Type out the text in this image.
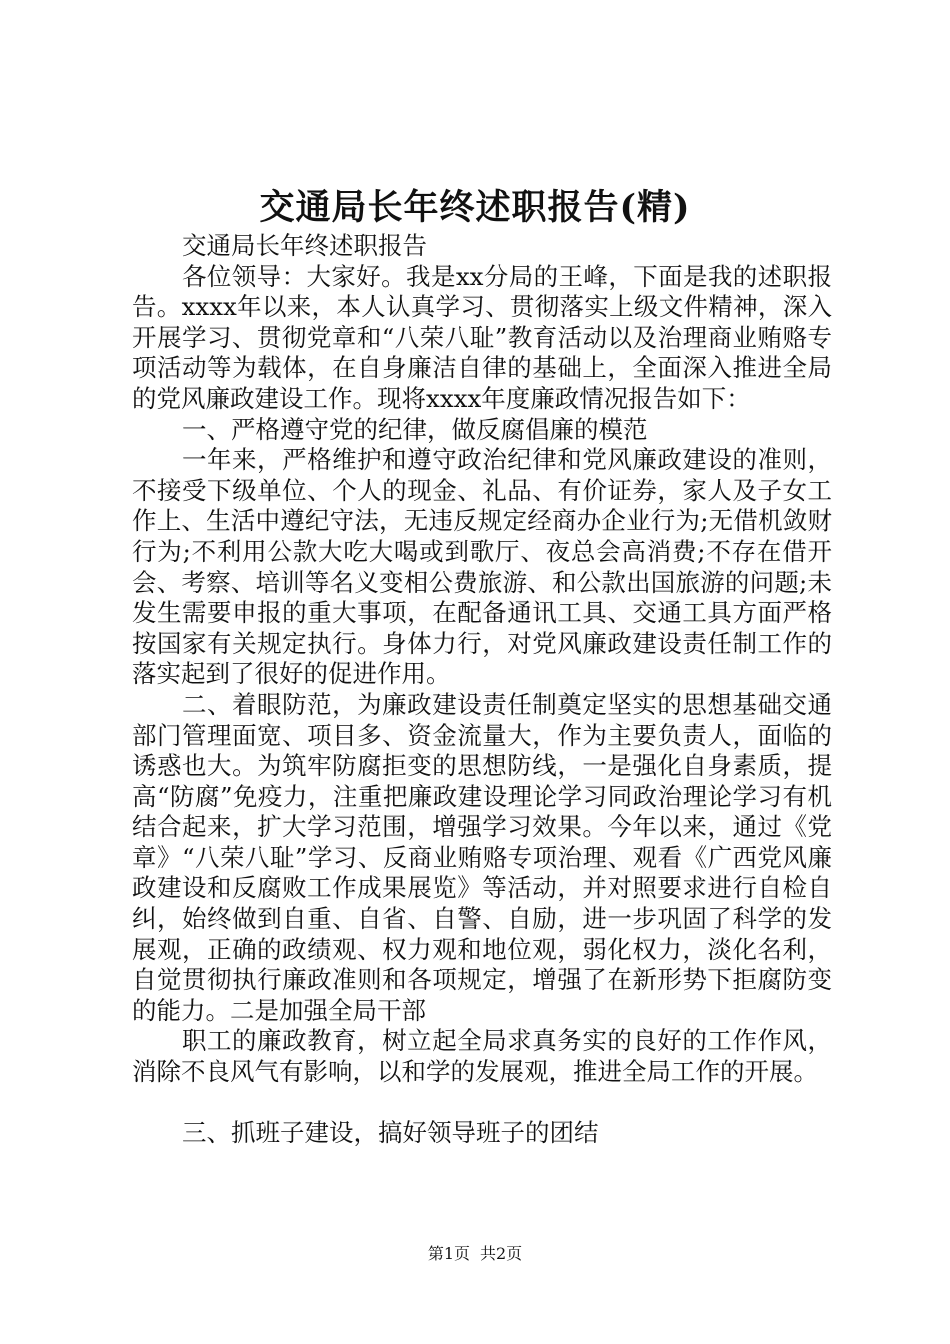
交通局长年终述职报告(精)

交通局长年终述职报告

各位领导：大家好。我是xx分局的王峰，下面是我的述职报告。xxxx年以来，本人认真学习、贯彻落实上级文件精神，深入开展学习、贯彻党章和“八荣八耻”教育活动以及治理商业贿赂专项活动等为载体，在自身廉洁自律的基础上，全面深入推进全局的党风廉政建设工作。现将xxxx年度廉政情况报告如下：

一、严格遵守党的纪律，做反腐倡廉的模范

一年来，严格维护和遵守政治纪律和党风廉政建设的准则，不接受下级单位、个人的现金、礼品、有价证券，家人及子女工作上、生活中遵纪守法，无违反规定经商办企业行为;无借机敛财行为;不利用公款大吃大喝或到歌厅、夜总会高消费;不存在借开会、考察、培训等名义变相公费旅游、和公款出国旅游的问题;未发生需要申报的重大事项，在配备通讯工具、交通工具方面严格按国家有关规定执行。身体力行，对党风廉政建设责任制工作的落实起到了很好的促进作用。

二、着眼防范，为廉政建设责任制奠定坚实的思想基础交通部门管理面宽、项目多、资金流量大，作为主要负责人，面临的诱惑也大。为筑牢防腐拒变的思想防线，一是强化自身素质，提高“防腐”免疫力，注重把廉政建设理论学习同政治理论学习有机结合起来，扩大学习范围，增强学习效果。今年以来，通过《党章》“八荣八耻”学习、反商业贿赂专项治理、观看《广西党风廉政建设和反腐败工作成果展览》等活动，并对照要求进行自检自纠，始终做到自重、自省、自警、自励，进一步巩固了科学的发展观，正确的政绩观、权力观和地位观，弱化权力，淡化名利，自觉贯彻执行廉政准则和各项规定，增强了在新形势下拒腐防变的能力。二是加强全局干部

职工的廉政教育，树立起全局求真务实的良好的工作作风，消除不良风气有影响，以和学的发展观，推进全局工作的开展。

三、抓班子建设，搞好领导班子的团结

第1页 共2页
